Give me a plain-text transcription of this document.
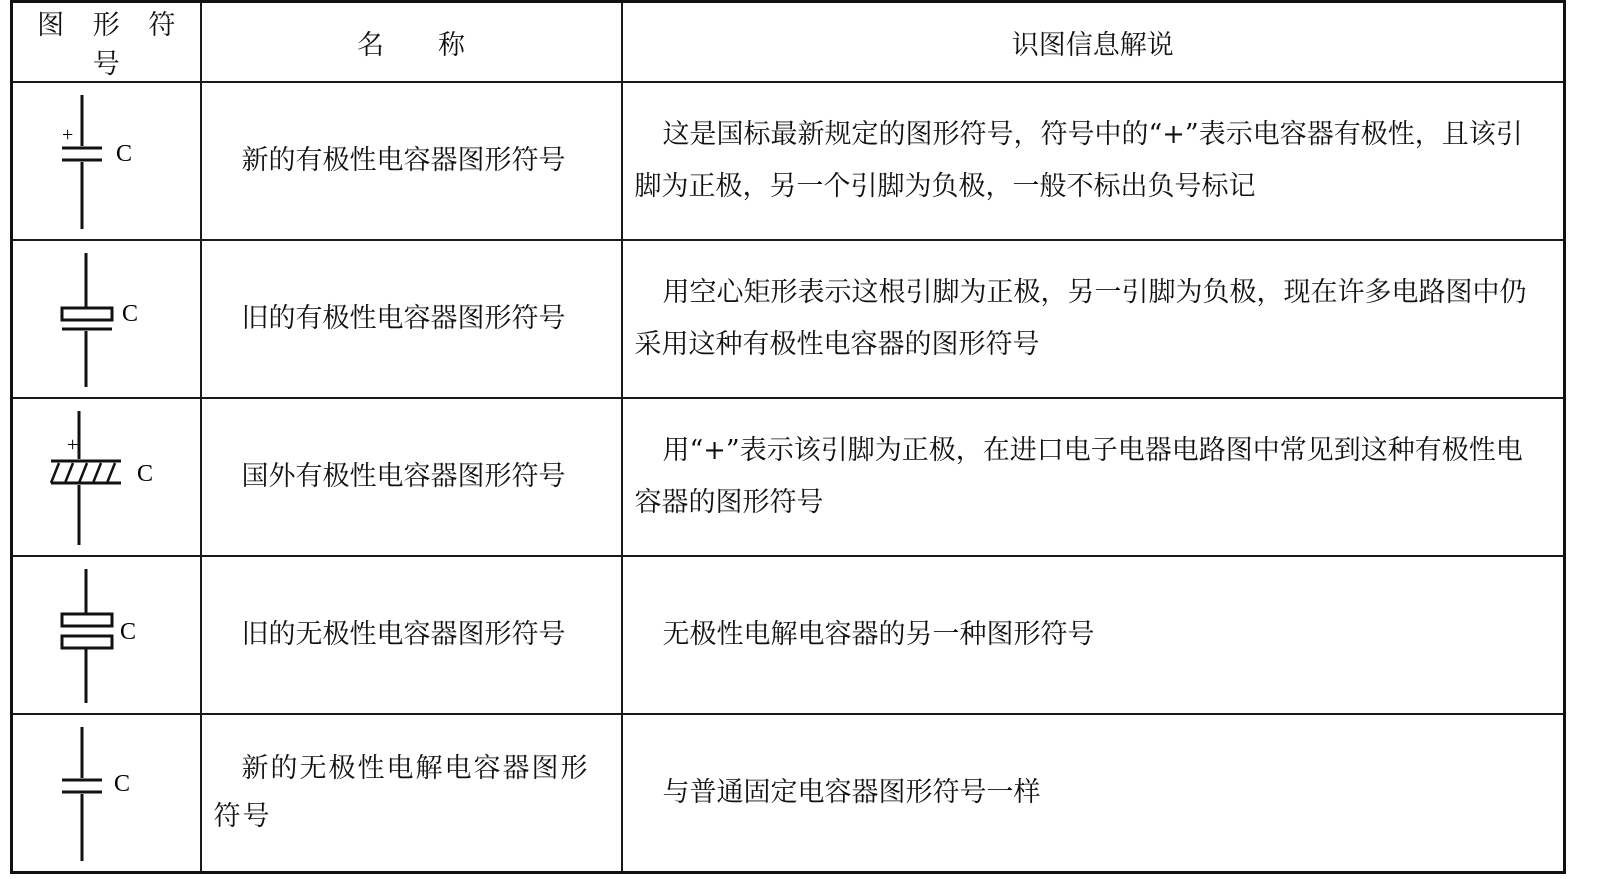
图 形 符 号	名　　称	识图信息解说

+
C	新的有极性电容器图形符号	这是国标最新规定的图形符号，符号中的“+”表示电容器有极性，且该引脚为正极，另一个引脚为负极，一般不标出负号标记

C	旧的有极性电容器图形符号	用空心矩形表示这根引脚为正极，另一引脚为负极，现在许多电路图中仍采用这种有极性电容器的图形符号

+
C	国外有极性电容器图形符号	用“+”表示该引脚为正极，在进口电子电器电路图中常见到这种有极性电容器的图形符号

C	旧的无极性电容器图形符号	无极性电解电容器的另一种图形符号

C	新的无极性电解电容器图形符号	与普通固定电容器图形符号一样
